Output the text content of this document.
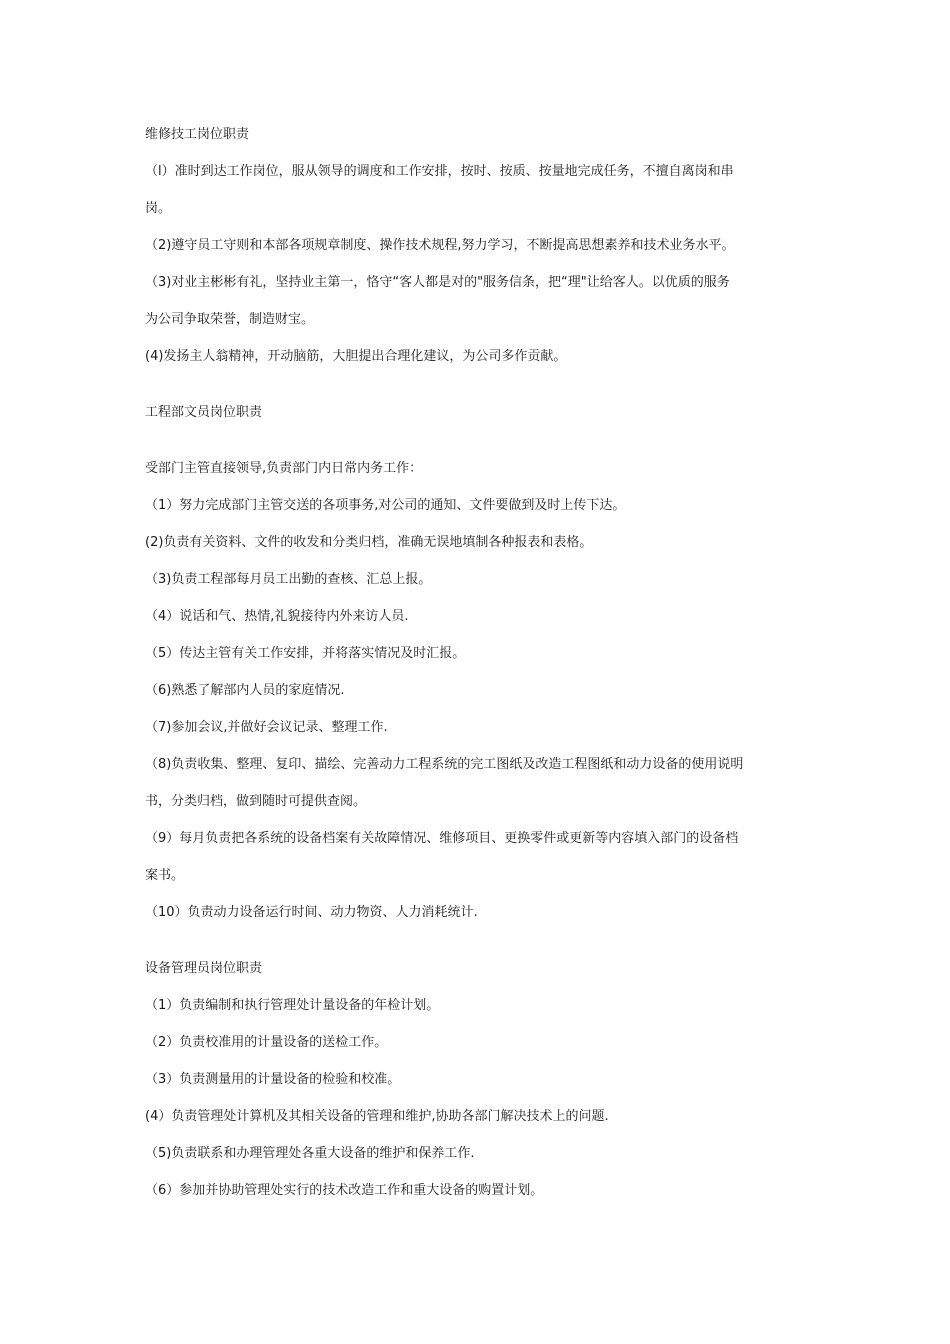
维修技工岗位职责
（l）准时到达工作岗位，服从领导的调度和工作安排，按时、按质、按量地完成任务，不擅自离岗和串
岗。
（2)遵守员工守则和本部各项规章制度、操作技术规程,努力学习，不断提高思想素养和技术业务水平。
（3)对业主彬彬有礼，坚持业主第一，恪守“客人都是对的"服务信条，把“理"让给客人。以优质的服务
为公司争取荣誉，制造财宝。
(4)发扬主人翁精神，开动脑筋，大胆提出合理化建议，为公司多作贡献。
工程部文员岗位职责
受部门主管直接领导,负责部门内日常内务工作：
（1）努力完成部门主管交送的各项事务,对公司的通知、文件要做到及时上传下达。
(2)负责有关资料、文件的收发和分类归档，准确无误地填制各种报表和表格。
（3)负责工程部每月员工出勤的查核、汇总上报。
（4）说话和气、热情,礼貌接待内外来访人员.
（5）传达主管有关工作安排，并将落实情况及时汇报。
（6)熟悉了解部内人员的家庭情况.
（7)参加会议,并做好会议记录、整理工作.
（8)负责收集、整理、复印、描绘、完善动力工程系统的完工图纸及改造工程图纸和动力设备的使用说明
书，分类归档，做到随时可提供查阅。
（9）每月负责把各系统的设备档案有关故障情况、维修项目、更换零件或更新等内容填入部门的设备档
案书。
（10）负责动力设备运行时间、动力物资、人力消耗统计.
设备管理员岗位职责
（1）负责编制和执行管理处计量设备的年检计划。
（2）负责校准用的计量设备的送检工作。
（3）负责测量用的计量设备的检验和校准。
(4）负责管理处计算机及其相关设备的管理和维护,协助各部门解决技术上的问题.
（5)负责联系和办理管理处各重大设备的维护和保养工作.
（6）参加并协助管理处实行的技术改造工作和重大设备的购置计划。
